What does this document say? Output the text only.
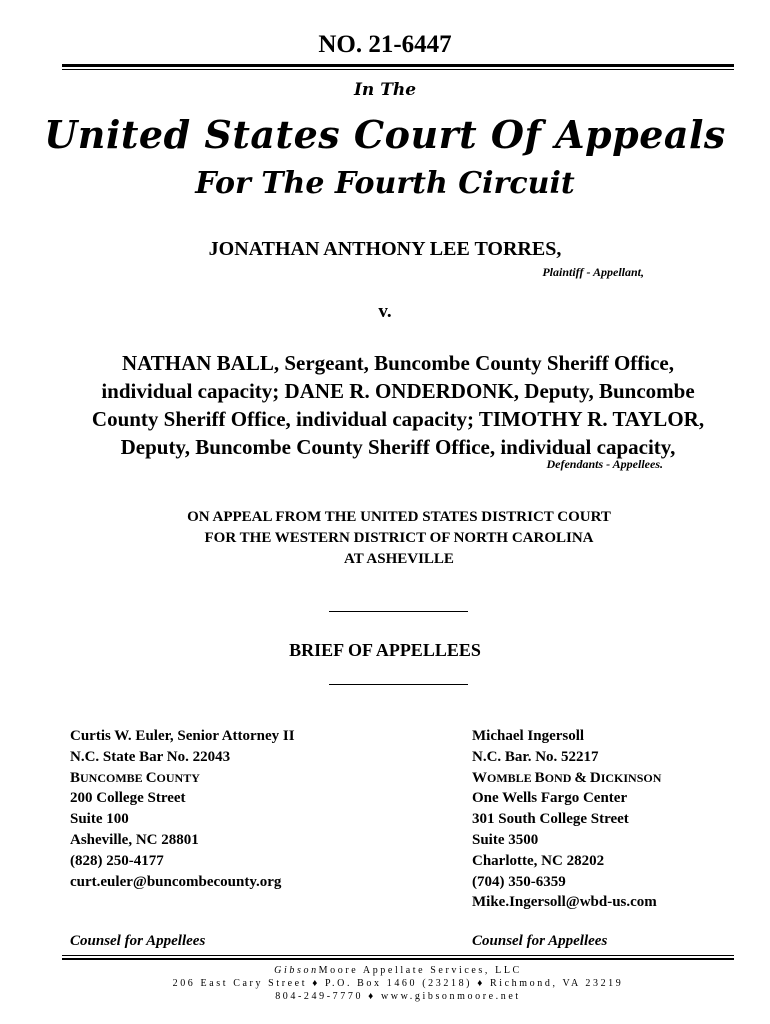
NO. 21-6447
In The
United States Court Of Appeals
For The Fourth Circuit
JONATHAN ANTHONY LEE TORRES,
Plaintiff - Appellant,
v.
NATHAN BALL, Sergeant, Buncombe County Sheriff Office,
individual capacity; DANE R. ONDERDONK, Deputy, Buncombe
County Sheriff Office, individual capacity; TIMOTHY R. TAYLOR,
Deputy, Buncombe County Sheriff Office, individual capacity,
Defendants - Appellees.
ON APPEAL FROM THE UNITED STATES DISTRICT COURT
FOR THE WESTERN DISTRICT OF NORTH CAROLINA
AT ASHEVILLE
BRIEF OF APPELLEES
Curtis W. Euler, Senior Attorney II
N.C. State Bar No. 22043
BUNCOMBE COUNTY
200 College Street
Suite 100
Asheville, NC 28801
(828) 250-4177
curt.euler@buncombecounty.org
Michael Ingersoll
N.C. Bar. No. 52217
WOMBLE BOND & DICKINSON
One Wells Fargo Center
301 South College Street
Suite 3500
Charlotte, NC 28202
(704) 350-6359
Mike.Ingersoll@wbd-us.com
Counsel for Appellees	Counsel for Appellees
GibsonMoore Appellate Services, LLC
206 East Cary Street ♦ P.O. Box 1460 (23218) ♦ Richmond, VA 23219
804-249-7770 ♦ www.gibsonmoore.net
